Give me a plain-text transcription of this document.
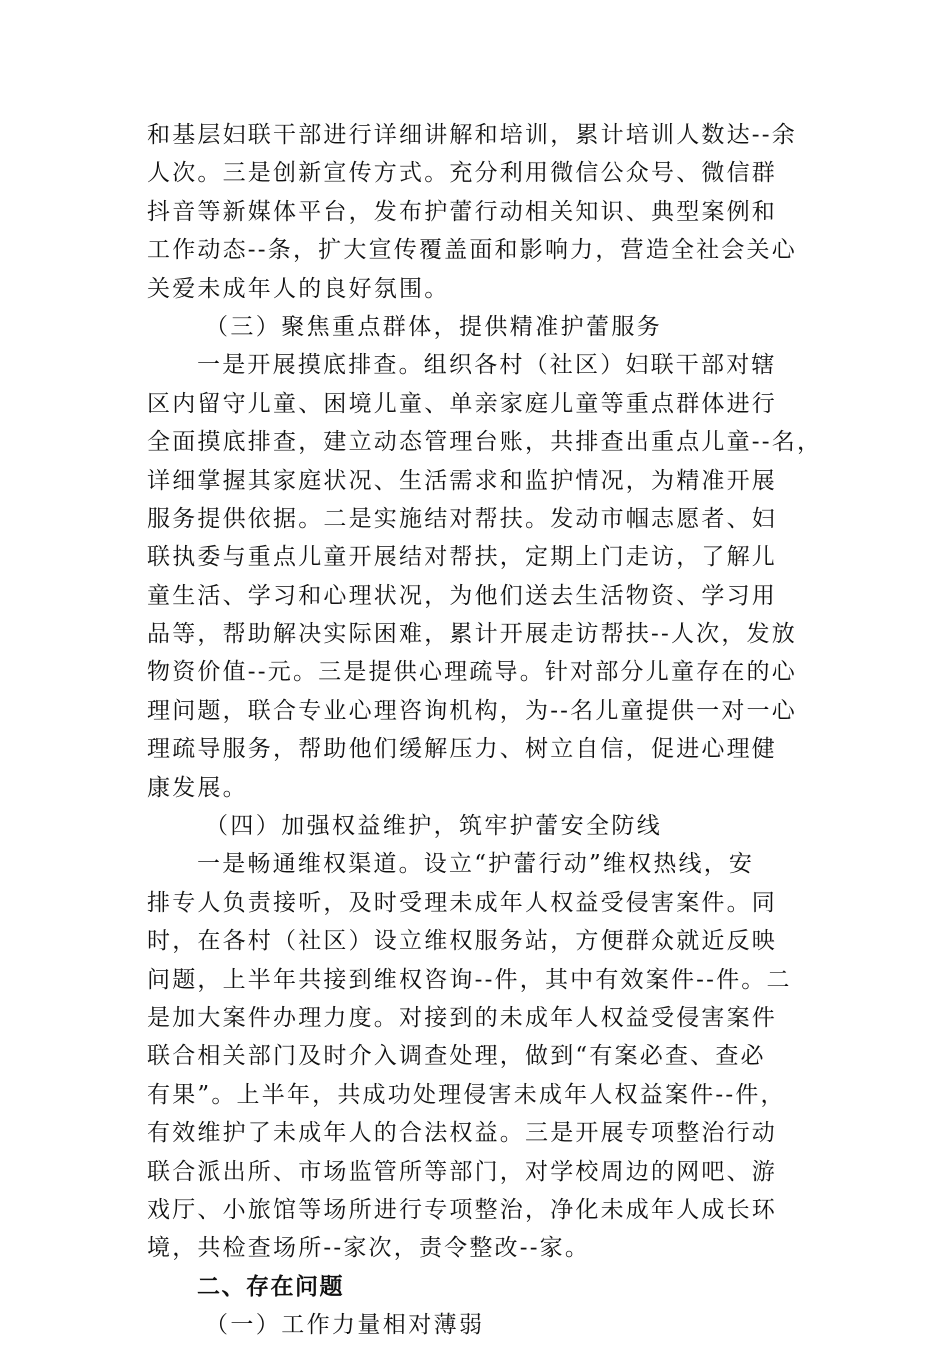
和基层妇联干部进行详细讲解和培训，累计培训人数达--余
人次。三是创新宣传方式。充分利用微信公众号、微信群
抖音等新媒体平台，发布护蕾行动相关知识、典型案例和
工作动态--条，扩大宣传覆盖面和影响力，营造全社会关心
关爱未成年人的良好氛围。
（三）聚焦重点群体，提供精准护蕾服务
一是开展摸底排查。组织各村（社区）妇联干部对辖
区内留守儿童、困境儿童、单亲家庭儿童等重点群体进行
全面摸底排查，建立动态管理台账，共排查出重点儿童--名，
详细掌握其家庭状况、生活需求和监护情况，为精准开展
服务提供依据。二是实施结对帮扶。发动市帼志愿者、妇
联执委与重点儿童开展结对帮扶，定期上门走访，了解儿
童生活、学习和心理状况，为他们送去生活物资、学习用
品等，帮助解决实际困难，累计开展走访帮扶--人次，发放
物资价值--元。三是提供心理疏导。针对部分儿童存在的心
理问题，联合专业心理咨询机构，为--名儿童提供一对一心
理疏导服务，帮助他们缓解压力、树立自信，促进心理健
康发展。
（四）加强权益维护，筑牢护蕾安全防线
一是畅通维权渠道。设立“护蕾行动”维权热线，安
排专人负责接听，及时受理未成年人权益受侵害案件。同
时，在各村（社区）设立维权服务站，方便群众就近反映
问题，上半年共接到维权咨询--件，其中有效案件--件。二
是加大案件办理力度。对接到的未成年人权益受侵害案件
联合相关部门及时介入调查处理，做到“有案必查、查必
有果”。上半年，共成功处理侵害未成年人权益案件--件，
有效维护了未成年人的合法权益。三是开展专项整治行动
联合派出所、市场监管所等部门，对学校周边的网吧、游
戏厅、小旅馆等场所进行专项整治，净化未成年人成长环
境，共检查场所--家次，责令整改--家。
二、存在问题
（一）工作力量相对薄弱
